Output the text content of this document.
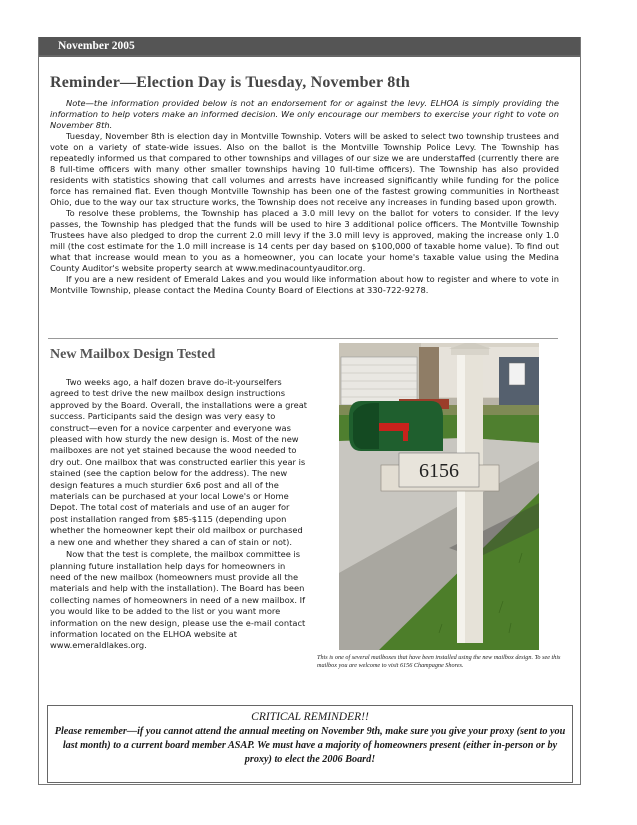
November 2005
Reminder—Election Day is Tuesday, November 8th

Note—the information provided below is not an endorsement for or against the levy. ELHOA is simply providing the information to help voters make an informed decision. We only encourage our members to exercise your right to vote on November 8th.

Tuesday, November 8th is election day in Montville Township. Voters will be asked to select two township trustees and vote on a variety of state-wide issues. Also on the ballot is the Montville Township Police Levy. The Township has repeatedly informed us that compared to other townships and villages of our size we are understaffed (currently there are 8 full-time officers with many other smaller townships having 10 full-time officers). The Township has also provided residents with statistics showing that call volumes and arrests have increased significantly while funding for the police force has remained flat. Even though Montville Township has been one of the fastest growing communities in Northeast Ohio, due to the way our tax structure works, the Township does not receive any increases in funding based upon growth.

To resolve these problems, the Township has placed a 3.0 mill levy on the ballot for voters to consider. If the levy passes, the Township has pledged that the funds will be used to hire 3 additional police officers. The Montville Township Trustees have also pledged to drop the current 2.0 mill levy if the 3.0 mill levy is approved, making the increase only 1.0 mill (the cost estimate for the 1.0 mill increase is 14 cents per day based on $100,000 of taxable home value). To find out what that increase would mean to you as a homeowner, you can locate your home's taxable value using the Medina County Auditor's website property search at www.medinacountyauditor.org.

If you are a new resident of Emerald Lakes and you would like information about how to register and where to vote in Montville Township, please contact the Medina County Board of Elections at 330-722-9278.

New Mailbox Design Tested

Two weeks ago, a half dozen brave do-it-yourselfers agreed to test drive the new mailbox design instructions approved by the Board. Overall, the installations were a great success. Participants said the design was very easy to construct—even for a novice carpenter and everyone was pleased with how sturdy the new design is. Most of the new mailboxes are not yet stained because the wood needed to dry out. One mailbox that was constructed earlier this year is stained (see the caption below for the address). The new design features a much sturdier 6x6 post and all of the materials can be purchased at your local Lowe's or Home Depot. The total cost of materials and use of an auger for post installation ranged from $85-$115 (depending upon whether the homeowner kept their old mailbox or purchased a new one and whether they shared a can of stain or not).

Now that the test is complete, the mailbox committee is planning future installation help days for homeowners in need of the new mailbox (homeowners must provide all the materials and help with the installation). The Board has been collecting names of homeowners in need of a new mailbox. If you would like to be added to the list or you want more information on the new design, please use the e-mail contact information located on the ELHOA website at www.emeraldlakes.org.

6156
This is one of several mailboxes that have been installed using the new mailbox design. To see this mailbox you are welcome to visit 6156 Champagne Shores.
CRITICAL REMINDER!!
Please remember—if you cannot attend the annual meeting on November 9th, make sure you give your proxy (sent to you last month) to a current board member ASAP. We must have a majority of homeowners present (either in-person or by proxy) to elect the 2006 Board!
